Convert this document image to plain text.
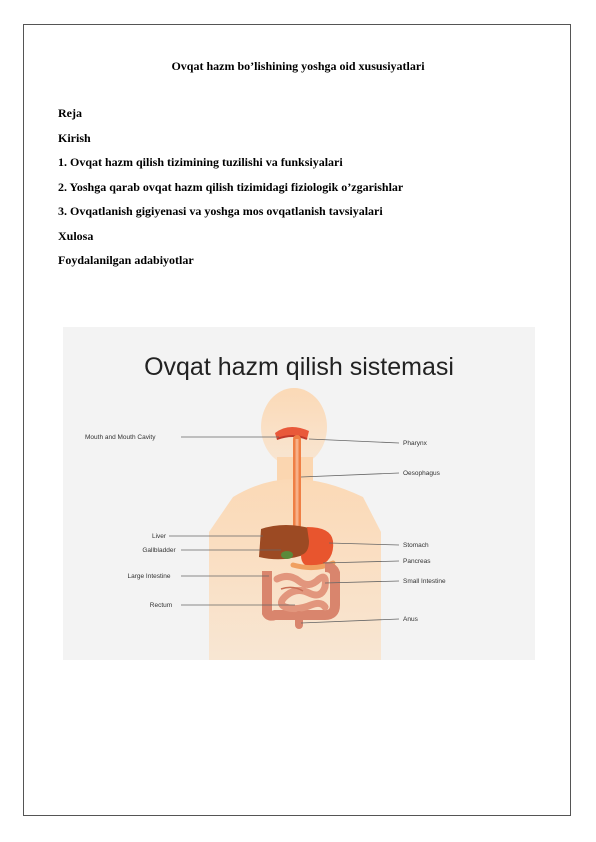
Ovqat hazm bo’lishining yoshga oid xususiyatlari
Reja
Kirish
1. Ovqat hazm qilish tizimining tuzilishi va funksiyalari
2. Yoshga qarab ovqat hazm qilish tizimidagi fiziologik o’zgarishlar
3. Ovqatlanish gigiyenasi va yoshga mos ovqatlanish tavsiyalari
Xulosa
Foydalanilgan adabiyotlar
Ovqat hazm qilish sistemasi
Mouth and Mouth Cavity
Liver
Gallbladder
Large Intestine
Rectum
Pharynx
Oesophagus
Stomach
Pancreas
Small Intestine
Anus
